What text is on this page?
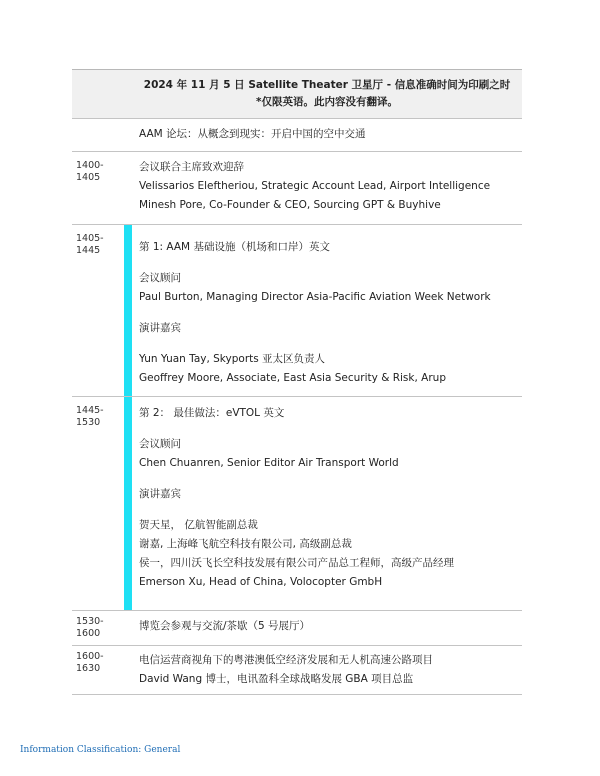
2024 年 11 月 5 日 Satellite Theater 卫星厅 - 信息准确时间为印刷之时
*仅限英语。此内容没有翻译。
AAM 论坛：从概念到现实：开启中国的空中交通
1400-
1405
会议联合主席致欢迎辞
Velissarios Eleftheriou, Strategic Account Lead, Airport Intelligence
Minesh Pore, Co-Founder & CEO, Sourcing GPT & Buyhive
1405-
1445	第 1: AAM 基础设施（机场和口岸）英文
会议顾问
Paul Burton, Managing Director Asia-Pacific Aviation Week Network
演讲嘉宾
Yun Yuan Tay, Skyports 亚太区负责人
Geoffrey Moore, Associate, East Asia Security & Risk, Arup
1445-
1530
第 2： 最佳做法：eVTOL 英文
会议顾问
Chen Chuanren, Senior Editor Air Transport World
演讲嘉宾
贺天星， 亿航智能副总裁
谢嘉, 上海峰飞航空科技有限公司, 高级副总裁
侯一，四川沃飞长空科技发展有限公司产品总工程师，高级产品经理
Emerson Xu, Head of China, Volocopter GmbH
1530-
1600
博览会参观与交流/茶歇（5 号展厅）
1600-
1630
电信运营商视角下的粤港澳低空经济发展和无人机高速公路项目
David Wang 博士，电讯盈科全球战略发展 GBA 项目总监
Information Classification: General
